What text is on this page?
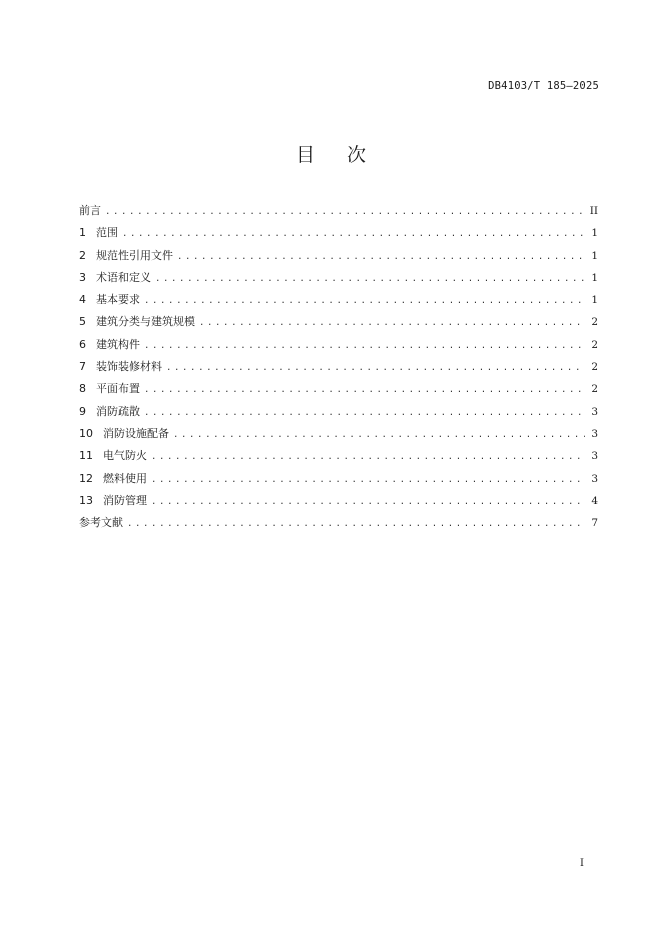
DB4103/T 185—2025
目 次
前言 .....	II
1 范围 .....	1
2 规范性引用文件 .....	1
3 术语和定义 .....	1
4 基本要求 .....	1
5 建筑分类与建筑规模 .....	2
6 建筑构件 .....	2
7 装饰装修材料 .....	2
8 平面布置 .....	2
9 消防疏散 .....	3
10 消防设施配备 .....	3
11 电气防火 .....	3
12 燃料使用 .....	3
13 消防管理 .....	4
参考文献 .....	7
I
